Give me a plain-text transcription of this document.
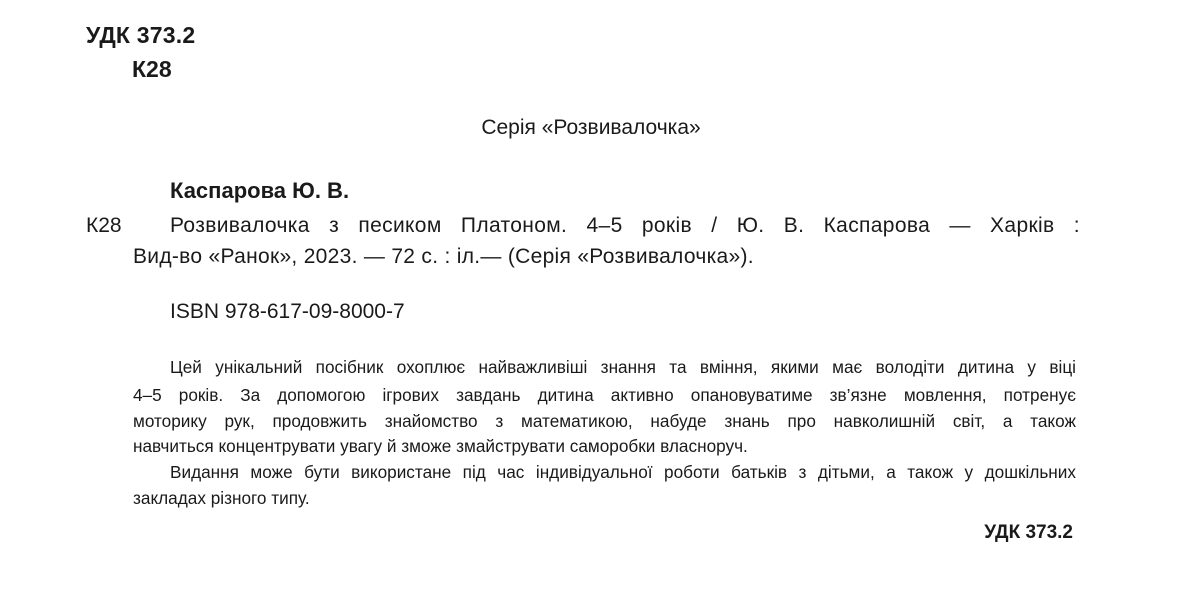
УДК 373.2
К28
Серія «Розвивалочка»
Каспарова Ю. В.
К28 Розвивалочка з песиком Платоном. 4–5 років / Ю. В. Каспарова — Харків :
Вид-во «Ранок», 2023. — 72 с. : іл.— (Серія «Розвивалочка»).
ISBN 978-617-09-8000-7
Цей унікальний посібник охоплює найважливіші знання та вміння, якими має володіти дитина у віці
4–5 років. За допомогою ігрових завдань дитина активно опановуватиме зв’язне мовлення, потренує
моторику рук, продовжить знайомство з математикою, набуде знань про навколишній світ, а також
навчиться концентрувати увагу й зможе змайструвати саморобки власноруч.
Видання може бути використане під час індивідуальної роботи батьків з дітьми, а також у дошкільних
закладах різного типу.
УДК 373.2
